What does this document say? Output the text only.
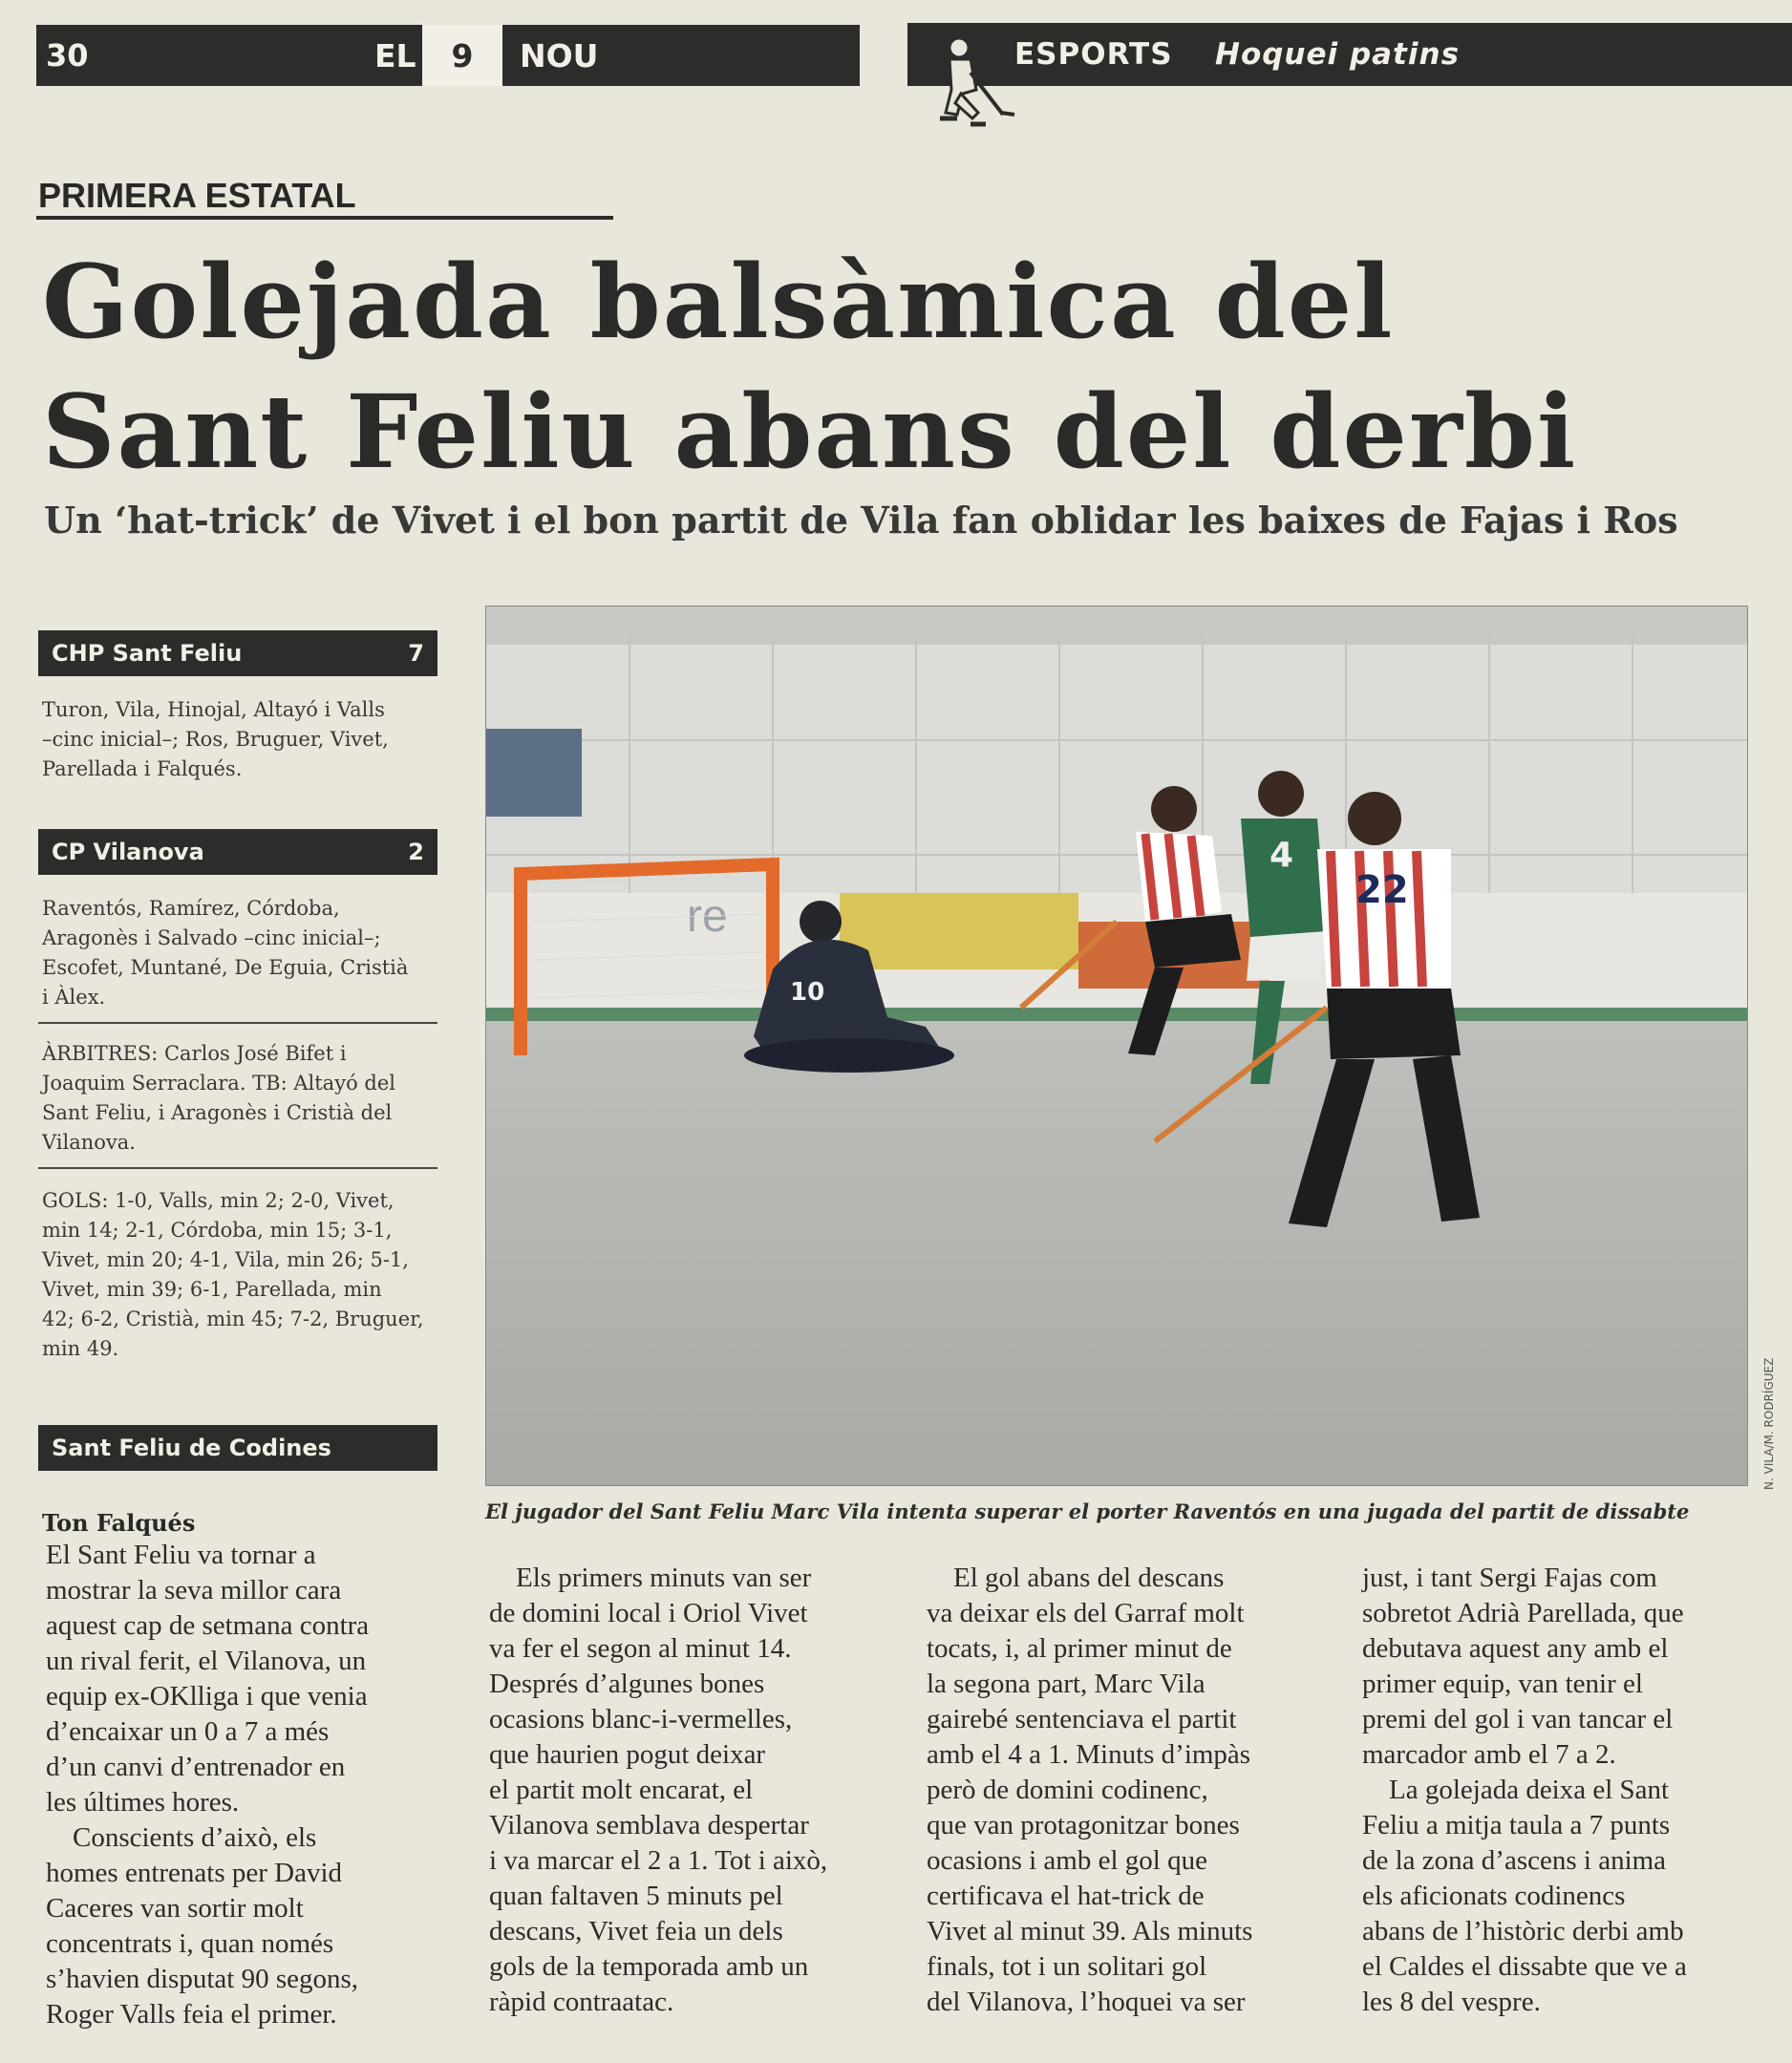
30	EL	9	NOU	ESPORTS Hoquei patins
PRIMERA ESTATAL
Golejada balsàmica del
Sant Feliu abans del derbi
Un ‘hat-trick’ de Vivet i el bon partit de Vila fan oblidar les baixes de Fajas i Ros
CHP Sant Feliu	7
Turon, Vila, Hinojal, Altayó i Valls
–cinc inicial–; Ros, Bruguer, Vivet,
Parellada i Falqués.
CP Vilanova	2
Raventós, Ramírez, Córdoba,
Aragonès i Salvado –cinc inicial–;
Escofet, Muntané, De Eguia, Cristià
i Àlex.
ÀRBITRES: Carlos José Bifet i
Joaquim Serraclara. TB: Altayó del
Sant Feliu, i Aragonès i Cristià del
Vilanova.
GOLS: 1-0, Valls, min 2; 2-0, Vivet,
min 14; 2-1, Córdoba, min 15; 3-1,
Vivet, min 20; 4-1, Vila, min 26; 5-1,
Vivet, min 39; 6-1, Parellada, min
42; 6-2, Cristià, min 45; 7-2, Bruguer,
min 49.
Sant Feliu de Codines
re
10
4
22
N. VILA/M. RODRÍGUEZ
El jugador del Sant Feliu Marc Vila intenta superar el porter Raventós en una jugada del partit de dissabte
Ton Falqués

El Sant Feliu va tornar a

mostrar la seva millor cara

aquest cap de setmana contra

un rival ferit, el Vilanova, un

equip ex-OKlliga i que venia

d’encaixar un 0 a 7 a més

d’un canvi d’entrenador en

les últimes hores.

Conscients d’això, els

homes entrenats per David

Caceres van sortir molt

concentrats i, quan només

s’havien disputat 90 segons,

Roger Valls feia el primer.

Els primers minuts van ser

de domini local i Oriol Vivet

va fer el segon al minut 14.

Després d’algunes bones

ocasions blanc-i-vermelles,

que haurien pogut deixar

el partit molt encarat, el

Vilanova semblava despertar

i va marcar el 2 a 1. Tot i això,

quan faltaven 5 minuts pel

descans, Vivet feia un dels

gols de la temporada amb un

ràpid contraatac.

El gol abans del descans

va deixar els del Garraf molt

tocats, i, al primer minut de

la segona part, Marc Vila

gairebé sentenciava el partit

amb el 4 a 1. Minuts d’impàs

però de domini codinenc,

que van protagonitzar bones

ocasions i amb el gol que

certificava el hat-trick de

Vivet al minut 39. Als minuts

finals, tot i un solitari gol

del Vilanova, l’hoquei va ser

just, i tant Sergi Fajas com

sobretot Adrià Parellada, que

debutava aquest any amb el

primer equip, van tenir el

premi del gol i van tancar el

marcador amb el 7 a 2.

La golejada deixa el Sant

Feliu a mitja taula a 7 punts

de la zona d’ascens i anima

els aficionats codinencs

abans de l’històric derbi amb

el Caldes el dissabte que ve a

les 8 del vespre.
